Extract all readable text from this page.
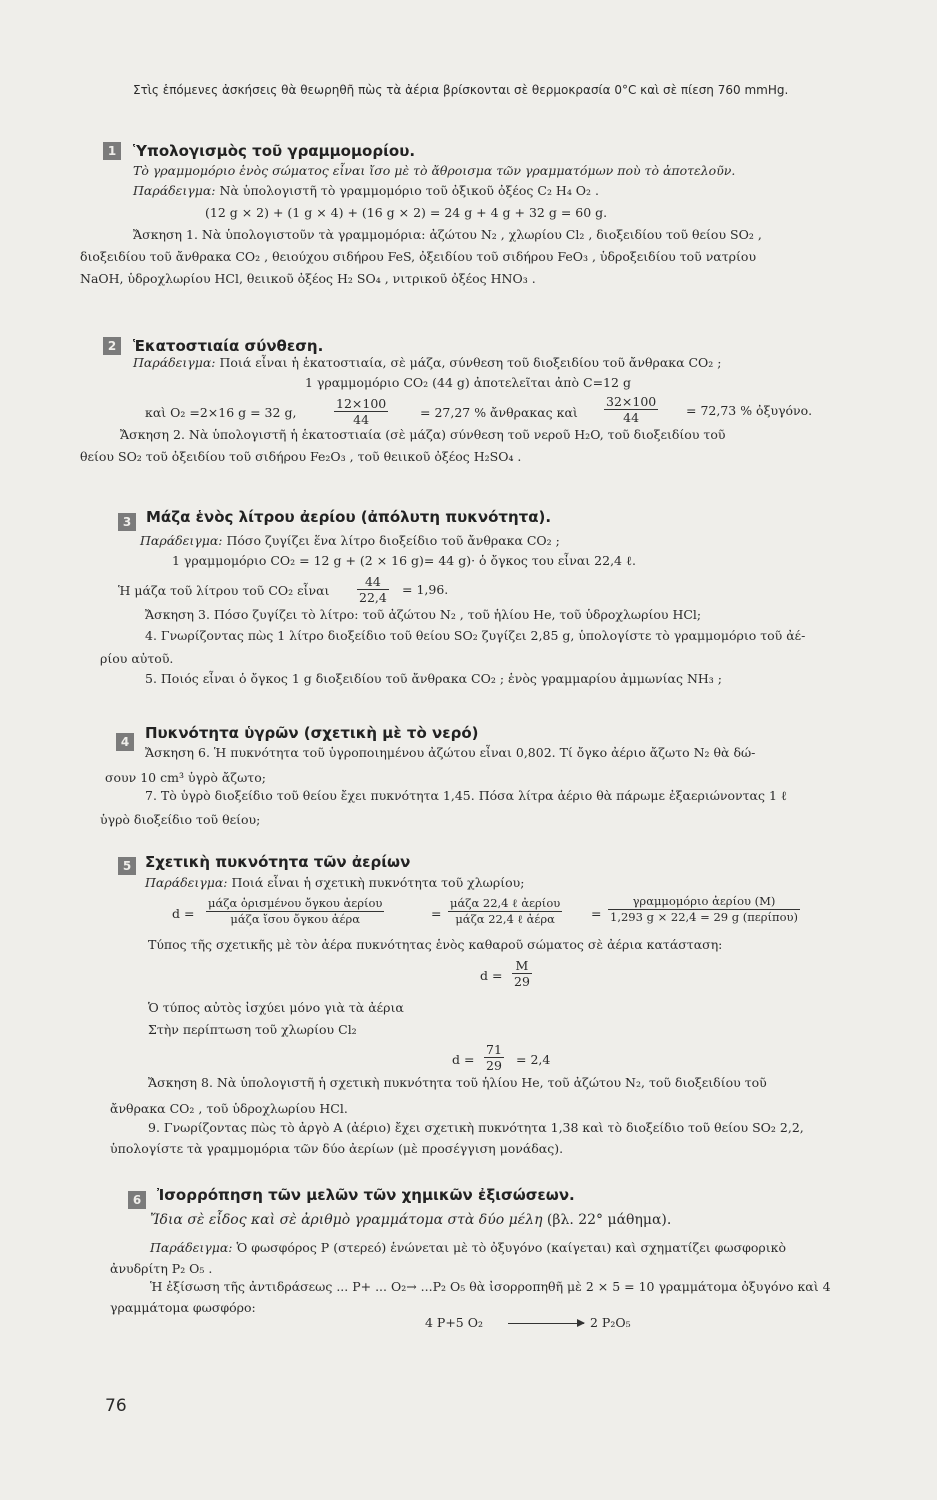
Στὶς ἑπόμενες ἀσκήσεις θὰ θεωρηθῆ πὼς τὰ ἀέρια βρίσκονται σὲ θερμοκρασία 0°C καὶ σὲ πίεση 760 mmHg.
1	Ὑπολογισμὸς τοῦ γραμμομορίου.
Τὸ γραμμομόριο ἑνὸς σώματος εἶναι ἴσο μὲ τὸ ἄθροισμα τῶν γραμματόμων ποὺ τὸ ἀποτελοῦν.
Παράδειγμα: Νὰ ὑπολογιστῆ τὸ γραμμομόριο τοῦ ὀξικοῦ ὀξέος C₂ H₄ O₂ .
(12 g × 2) + (1 g × 4) + (16 g × 2) = 24 g + 4 g + 32 g = 60 g.
Ἄσκηση 1. Νὰ ὑπολογιστοῦν τὰ γραμμομόρια: ἀζώτου N₂ , χλωρίου Cl₂ , διοξειδίου τοῦ θείου SO₂ ,
διοξειδίου τοῦ ἄνθρακα CO₂ , θειούχου σιδήρου FeS, ὀξειδίου τοῦ σιδήρου FeO₃ , ὑδροξειδίου τοῦ νατρίου
NaOH, ὑδροχλωρίου HCl, θειικοῦ ὀξέος H₂ SO₄ , νιτρικοῦ ὀξέος HNO₃ .
2	Ἑκατοστιαία σύνθεση.
Παράδειγμα: Ποιά εἶναι ἡ ἑκατοστιαία, σὲ μάζα, σύνθεση τοῦ διοξειδίου τοῦ ἄνθρακα CO₂ ;
1 γραμμομόριο CO₂ (44 g) ἀποτελεῖται ἀπὸ C=12 g
καὶ O₂ =2×16 g = 32 g,	$\frac{12\times 100}{44}$	= 27,27 % ἄνθρακας καὶ $\frac{32\times 100}{44} = 72,73$ % ὀξυγόνο.
Ἄσκηση 2. Νὰ ὑπολογιστῆ ἡ ἑκατοστιαία (σὲ μάζα) σύνθεση τοῦ νεροῦ H₂O, τοῦ διοξειδίου τοῦ
θείου SO₂ τοῦ ὀξειδίου τοῦ σιδήρου Fe₂O₃ , τοῦ θειικοῦ ὀξέος H₂SO₄ .
3 Μάζα ἑνὸς λίτρου ἀερίου (ἀπόλυτη πυκνότητα).
Παράδειγμα: Πόσο ζυγίζει ἕνα λίτρο διοξείδιο τοῦ ἄνθρακα CO₂ ;
1 γραμμομόριο CO₂ = 12 g + (2 × 16 g)= 44 g)· ὁ ὄγκος του εἶναι 22,4 ℓ.
Ἡ μάζα τοῦ λίτρου τοῦ CO₂ εἶναι $\frac{44}{22,4} = 1,96$.
Ἄσκηση 3. Πόσο ζυγίζει τὸ λίτρο: τοῦ ἀζώτου N₂ , τοῦ ἡλίου He, τοῦ ὑδροχλωρίου HCl;
4. Γνωρίζοντας πὼς 1 λίτρο διοξείδιο τοῦ θείου SO₂ ζυγίζει 2,85 g, ὑπολογίστε τὸ γραμμομόριο τοῦ ἀέ-
ρίου αὐτοῦ.
5. Ποιός εἶναι ὁ ὄγκος 1 g διοξειδίου τοῦ ἄνθρακα CO₂ ; ἑνὸς γραμμαρίου ἀμμωνίας NH₃ ;
4	Πυκνότητα ὑγρῶν (σχετικὴ μὲ τὸ νερό)
Ἄσκηση 6. Ἡ πυκνότητα τοῦ ὑγροποιημένου ἀζώτου εἶναι 0,802. Τί ὄγκο ἀέριο ἄζωτο N₂ θὰ δώ-
σουν 10 cm³ ὑγρὸ ἄζωτο;
7. Τὸ ὑγρὸ διοξείδιο τοῦ θείου ἔχει πυκνότητα 1,45. Πόσα λίτρα ἀέριο θὰ πάρωμε ἐξαεριώνοντας 1 ℓ
ὑγρὸ διοξείδιο τοῦ θείου;
5 Σχετικὴ πυκνότητα τῶν ἀερίων
Παράδειγμα: Ποιά εἶναι ἡ σχετικὴ πυκνότητα τοῦ χλωρίου;
d =
μάζα ὁρισμένου ὄγκου ἀερίου
μάζα ἴσου ὄγκου ἀέρα	=
μάζα 22,4 ℓ ἀερίου
μάζα 22,4 ℓ ἀέρα	=
γραμμομόριο ἀερίου (M)
1,293 g × 22,4 = 29 g (περίπου)
Τύπος τῆς σχετικῆς μὲ τὸν ἀέρα πυκνότητας ἑνὸς καθαροῦ σώματος σὲ ἀέρια κατάσταση:
$d = \frac{M}{29}$
Ὁ τύπος αὐτὸς ἰσχύει μόνο γιὰ τὰ ἀέρια
Στὴν περίπτωση τοῦ χλωρίου Cl₂
$d = \frac{71}{29} = 2,4$
Ἄσκηση 8. Νὰ ὑπολογιστῆ ἡ σχετικὴ πυκνότητα τοῦ ἡλίου He, τοῦ ἀζώτου N₂, τοῦ διοξειδίου τοῦ
ἄνθρακα CO₂ , τοῦ ὑδροχλωρίου HCl.
9. Γνωρίζοντας πὼς τὸ ἀργὸ A (ἀέριο) ἔχει σχετικὴ πυκνότητα 1,38 καὶ τὸ διοξείδιο τοῦ θείου SO₂ 2,2,
ὑπολογίστε τὰ γραμμομόρια τῶν δύο ἀερίων (μὲ προσέγγιση μονάδας).
6	Ἰσορρόπηση τῶν μελῶν τῶν χημικῶν ἐξισώσεων.
Ἴδια σὲ εἶδος καὶ σὲ ἀριθμὸ γραμμάτομα στὰ δύο μέλη (βλ. 22° μάθημα).
Παράδειγμα: Ὁ φωσφόρος P (στερεό) ἑνώνεται μὲ τὸ ὀξυγόνο (καίγεται) καὶ σχηματίζει φωσφορικὸ
ἀνυδρίτη P₂ O₅ .
Ἡ ἐξίσωση τῆς ἀντιδράσεως ... P+ ... O₂→ ...P₂ O₅ θὰ ἰσορροπηθῆ μὲ 2 × 5 = 10 γραμμάτομα ὀξυγόνο καὶ 4
γραμμάτομα φωσφόρο:
4 P+5 O₂	2 P₂O₅
76
